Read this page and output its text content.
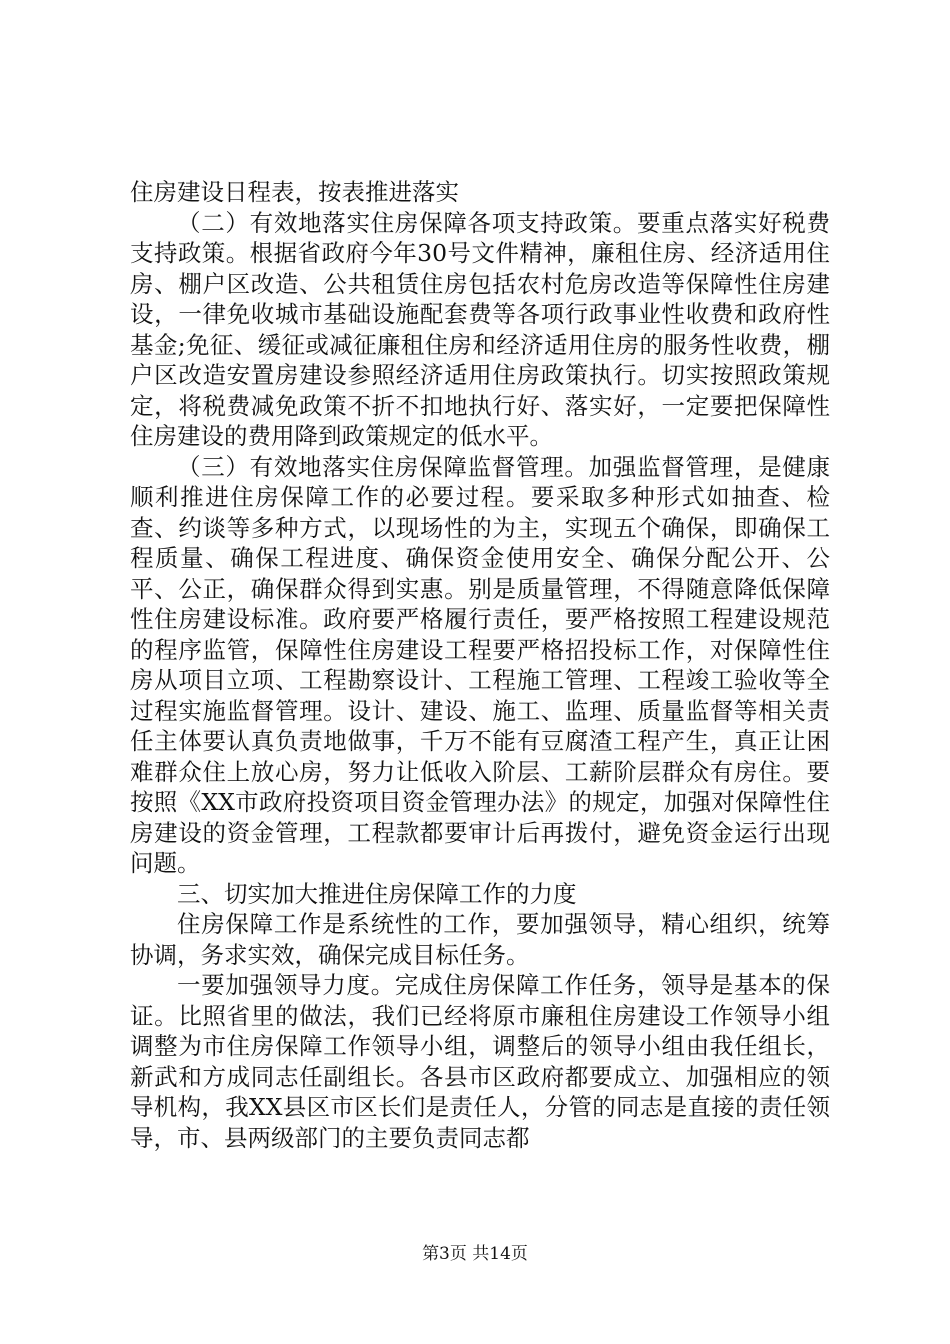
住房建设日程表，按表推进落实

（二）有效地落实住房保障各项支持政策。要重点落实好税费支持政策。根据省政府今年30号文件精神，廉租住房、经济适用住房、棚户区改造、公共租赁住房包括农村危房改造等保障性住房建设，一律免收城市基础设施配套费等各项行政事业性收费和政府性基金;免征、缓征或减征廉租住房和经济适用住房的服务性收费，棚户区改造安置房建设参照经济适用住房政策执行。切实按照政策规定，将税费减免政策不折不扣地执行好、落实好，一定要把保障性住房建设的费用降到政策规定的低水平。

（三）有效地落实住房保障监督管理。加强监督管理，是健康顺利推进住房保障工作的必要过程。要采取多种形式如抽查、检查、约谈等多种方式，以现场性的为主，实现五个确保，即确保工程质量、确保工程进度、确保资金使用安全、确保分配公开、公平、公正，确保群众得到实惠。别是质量管理，不得随意降低保障性住房建设标准。政府要严格履行责任，要严格按照工程建设规范的程序监管，保障性住房建设工程要严格招投标工作，对保障性住房从项目立项、工程勘察设计、工程施工管理、工程竣工验收等全过程实施监督管理。设计、建设、施工、监理、质量监督等相关责任主体要认真负责地做事，千万不能有豆腐渣工程产生，真正让困难群众住上放心房，努力让低收入阶层、工薪阶层群众有房住。要按照《XX市政府投资项目资金管理办法》的规定，加强对保障性住房建设的资金管理，工程款都要审计后再拨付，避免资金运行出现问题。

三、切实加大推进住房保障工作的力度

住房保障工作是系统性的工作，要加强领导，精心组织，统筹协调，务求实效，确保完成目标任务。

一要加强领导力度。完成住房保障工作任务，领导是基本的保证。比照省里的做法，我们已经将原市廉租住房建设工作领导小组调整为市住房保障工作领导小组，调整后的领导小组由我任组长，新武和方成同志任副组长。各县市区政府都要成立、加强相应的领导机构，我XX县区市区长们是责任人，分管的同志是直接的责任领导，市、县两级部门的主要负责同志都

第3页 共14页
